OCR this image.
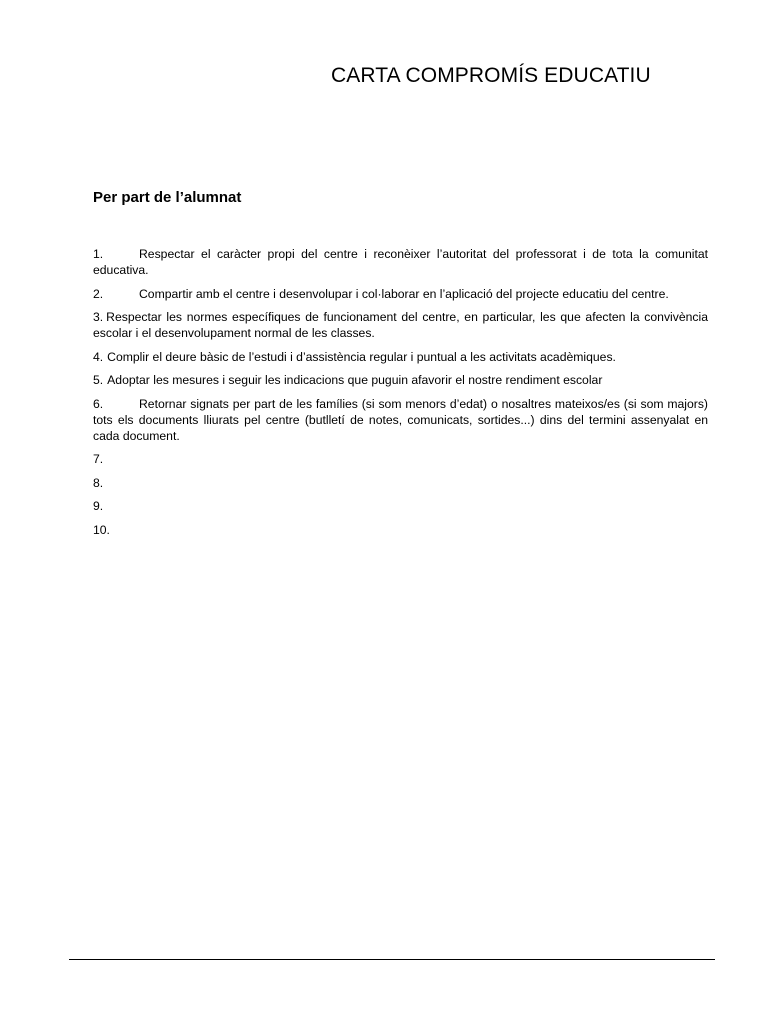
CARTA COMPROMÍS EDUCATIU
Per part de l’alumnat
1.	Respectar el caràcter propi del centre i reconèixer l’autoritat del professorat i de tota la comunitat educativa.
2.	Compartir amb el centre i desenvolupar i col·laborar en l’aplicació del projecte educatiu del centre.
3. Respectar les normes específiques de funcionament del centre, en particular, les que afecten la convivència escolar i el desenvolupament normal de les classes.
4. Complir el deure bàsic de l’estudi i d’assistència regular i puntual a les activitats acadèmiques.
5. Adoptar les mesures i seguir les indicacions que puguin afavorir el nostre rendiment escolar
6.	Retornar signats per part de les famílies (si som menors d’edat) o nosaltres mateixos/es (si som majors) tots els documents lliurats pel centre (butlletí de notes, comunicats, sortides...) dins del termini assenyalat en cada document.
7.
8.
9.
10.
